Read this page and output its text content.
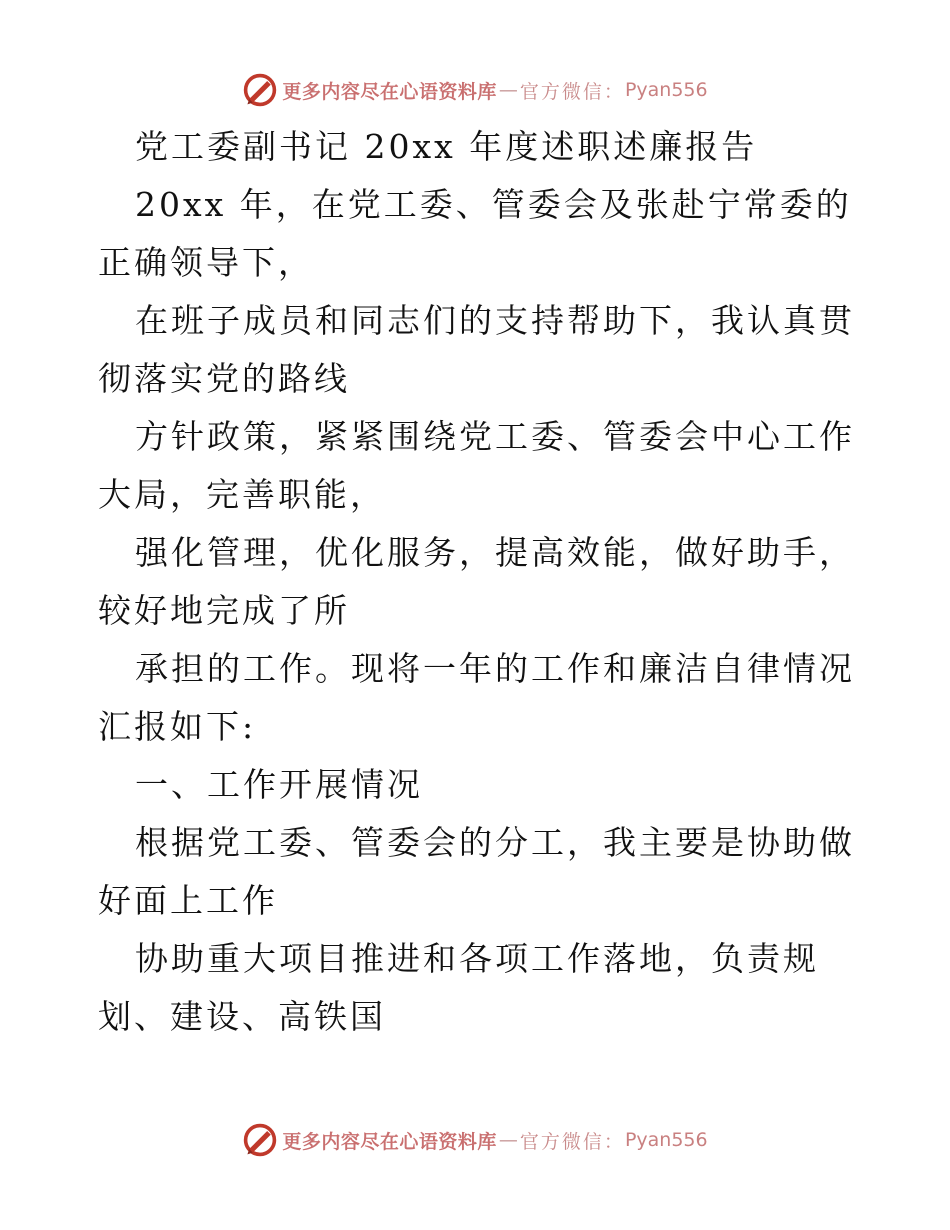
更多内容尽在心语资料库 — 官方微信： Pyan556

党工委副书记 20xx 年度述职述廉报告

20xx 年，在党工委、管委会及张赴宁常委的正确领导下，

在班子成员和同志们的支持帮助下，我认真贯彻落实党的路线

方针政策，紧紧围绕党工委、管委会中心工作大局，完善职能，

强化管理，优化服务，提高效能，做好助手，较好地完成了所

承担的工作。现将一年的工作和廉洁自律情况汇报如下:

一、工作开展情况

根据党工委、管委会的分工，我主要是协助做好面上工作

协助重大项目推进和各项工作落地，负责规划、建设、高铁国

更多内容尽在心语资料库 — 官方微信： Pyan556
